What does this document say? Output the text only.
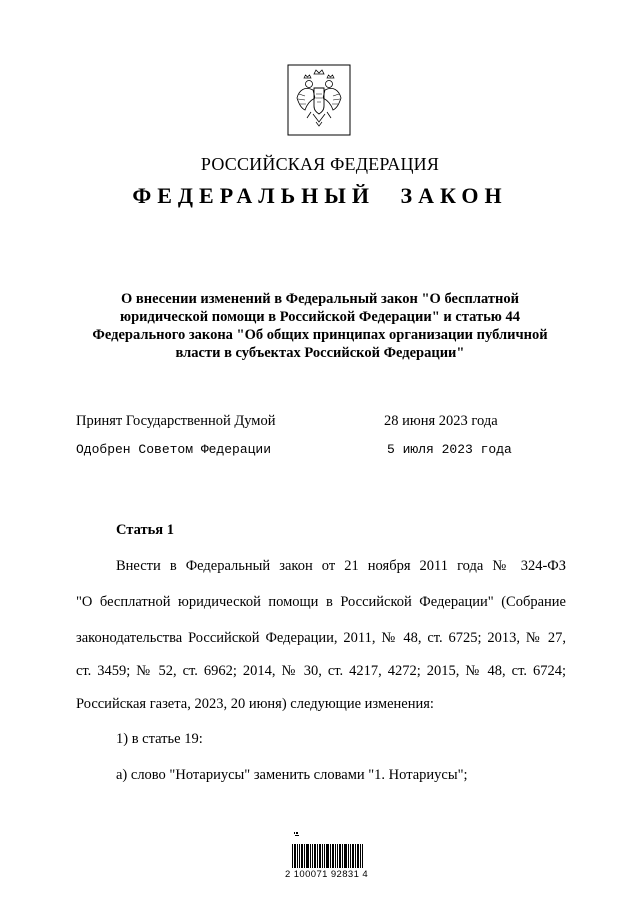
РОССИЙСКАЯ ФЕДЕРАЦИЯ
ФЕДЕРАЛЬНЫЙ ЗАКОН
О внесении изменений в Федеральный закон "О бесплатной
юридической помощи в Российской Федерации" и статью 44
Федерального закона "Об общих принципах организации публичной
власти в субъектах Российской Федерации"
Принят Государственной Думой	28 июня 2023 года
Одобрен Советом Федерации	5 июля 2023 года
Статья 1
Внести в Федеральный закон от 21 ноября 2011 года № 324-ФЗ
"О бесплатной юридической помощи в Российской Федерации" (Собрание
законодательства Российской Федерации, 2011, № 48, ст. 6725; 2013, № 27,
ст. 3459; № 52, ст. 6962; 2014, № 30, ст. 4217, 4272; 2015, № 48, ст. 6724;
Российская газета, 2023, 20 июня) следующие изменения:
1) в статье 19:
а) слово "Нотариусы" заменить словами "1. Нотариусы";
2 100071 92831 4
